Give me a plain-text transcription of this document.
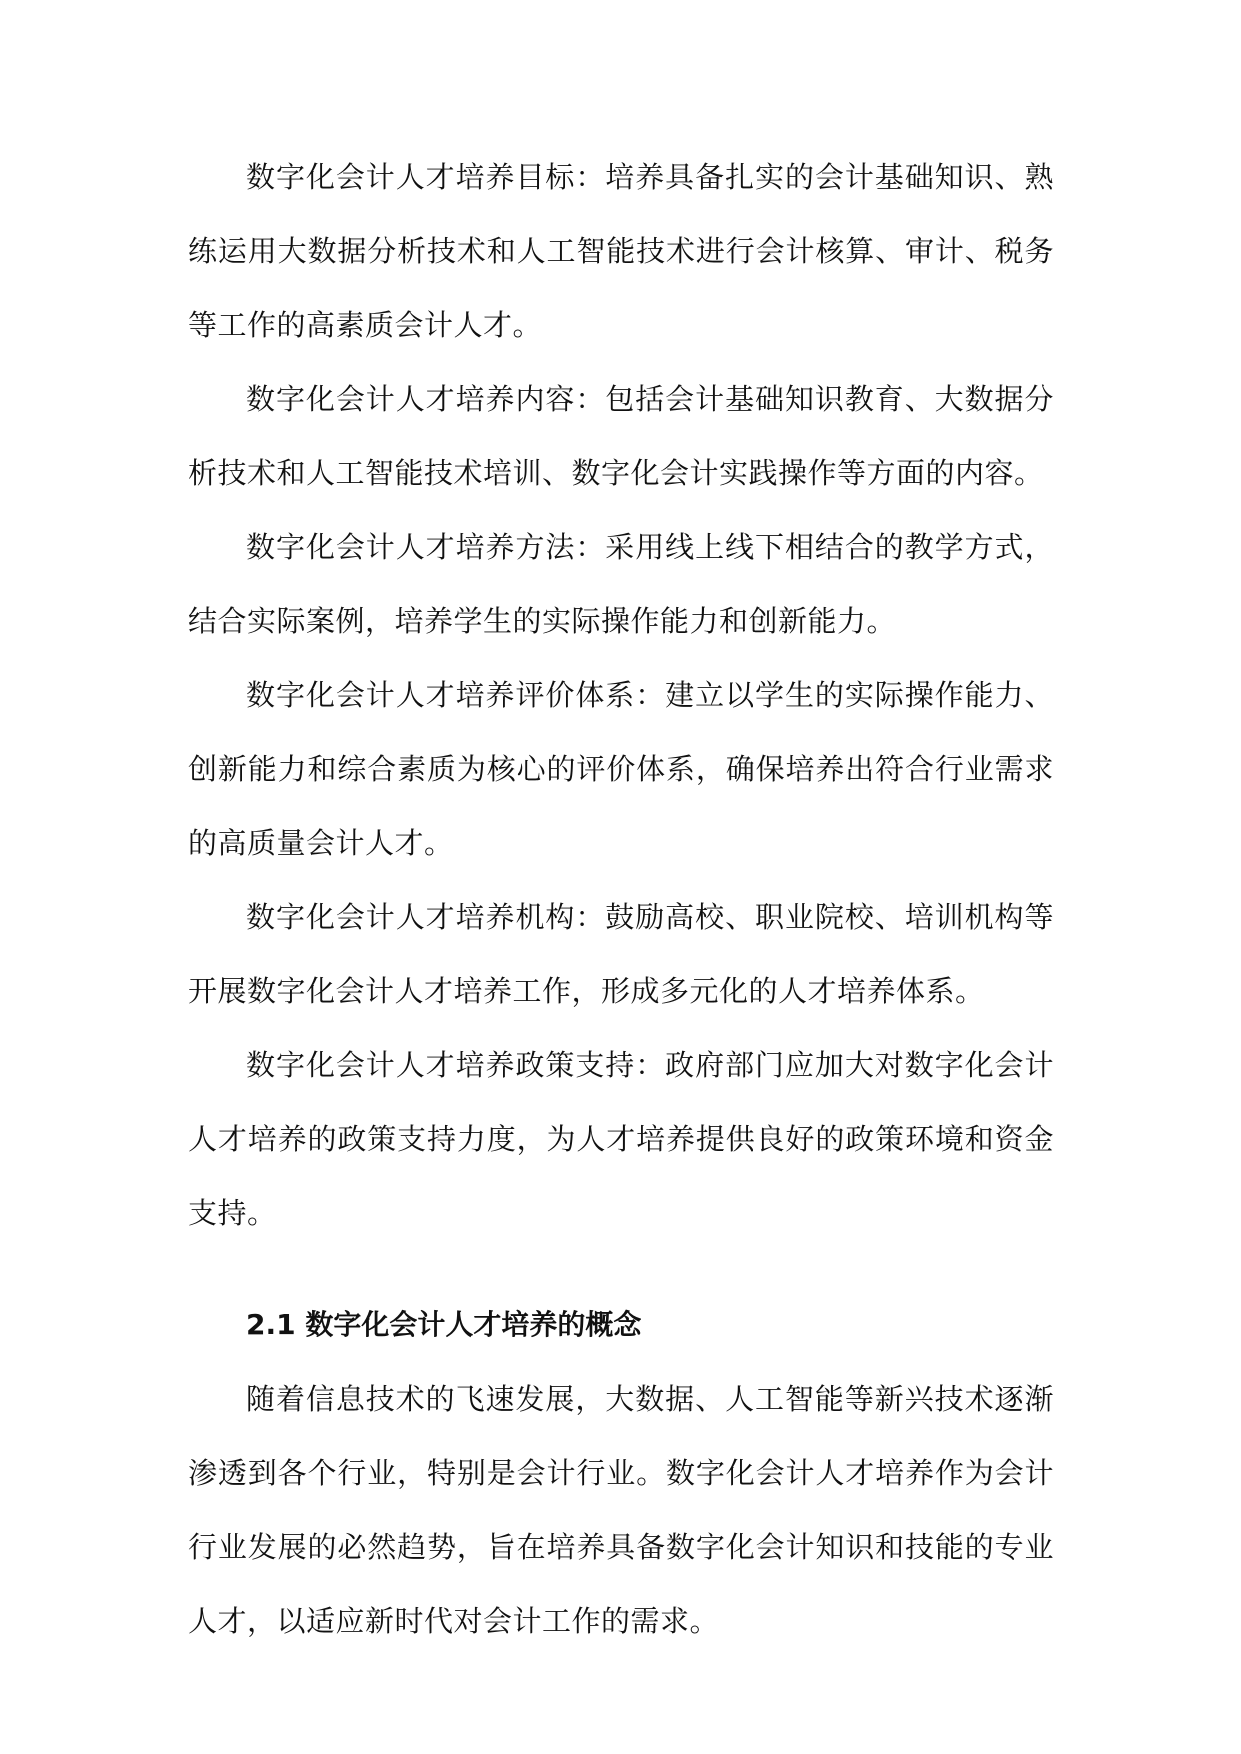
数字化会计人才培养目标：培养具备扎实的会计基础知识、熟练运用大数据分析技术和人工智能技术进行会计核算、审计、税务等工作的高素质会计人才。

数字化会计人才培养内容：包括会计基础知识教育、大数据分析技术和人工智能技术培训、数字化会计实践操作等方面的内容。

数字化会计人才培养方法：采用线上线下相结合的教学方式，结合实际案例，培养学生的实际操作能力和创新能力。

数字化会计人才培养评价体系：建立以学生的实际操作能力、创新能力和综合素质为核心的评价体系，确保培养出符合行业需求的高质量会计人才。

数字化会计人才培养机构：鼓励高校、职业院校、培训机构等开展数字化会计人才培养工作，形成多元化的人才培养体系。

数字化会计人才培养政策支持：政府部门应加大对数字化会计人才培养的政策支持力度，为人才培养提供良好的政策环境和资金支持。

2.1 数字化会计人才培养的概念

随着信息技术的飞速发展，大数据、人工智能等新兴技术逐渐渗透到各个行业，特别是会计行业。数字化会计人才培养作为会计行业发展的必然趋势，旨在培养具备数字化会计知识和技能的专业人才，以适应新时代对会计工作的需求。
